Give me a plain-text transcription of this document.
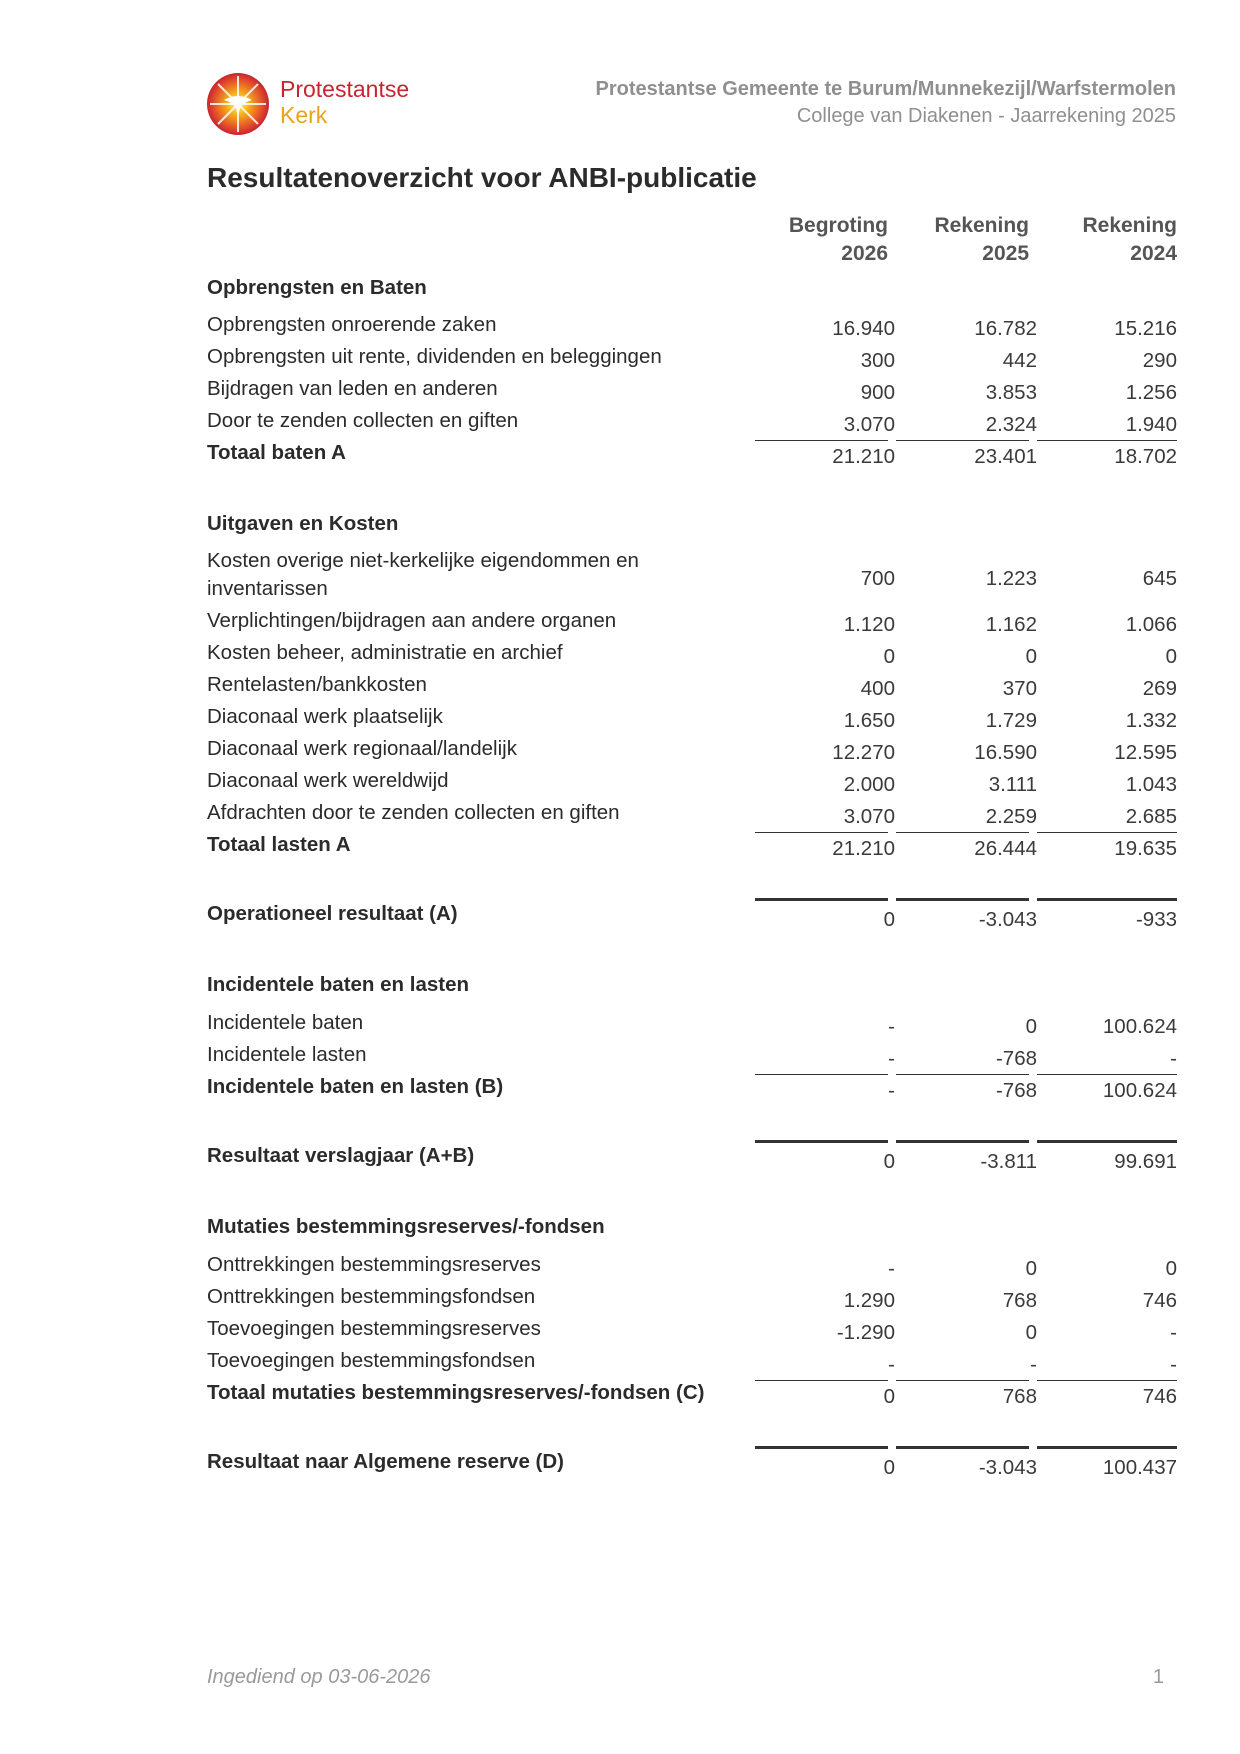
Protestantse
Kerk
Protestantse Gemeente te Burum/Munnekezijl/Warfstermolen
College van Diakenen - Jaarrekening 2025
Resultatenoverzicht voor ANBI-publicatie
Begroting
2026
Rekening
2025
Rekening
2024
Opbrengsten en Baten
Opbrengsten onroerende zaken	16.940	16.782	15.216
Opbrengsten uit rente, dividenden en beleggingen	300	442	290
Bijdragen van leden en anderen	900	3.853	1.256
Door te zenden collecten en giften	3.070	2.324	1.940
Totaal baten A	21.210	23.401	18.702
Uitgaven en Kosten
Kosten overige niet-kerkelijke eigendommen en
inventarissen	700	1.223	645
Verplichtingen/bijdragen aan andere organen	1.120	1.162	1.066
Kosten beheer, administratie en archief	0	0	0
Rentelasten/bankkosten	400	370	269
Diaconaal werk plaatselijk	1.650	1.729	1.332
Diaconaal werk regionaal/landelijk	12.270	16.590	12.595
Diaconaal werk wereldwijd	2.000	3.111	1.043
Afdrachten door te zenden collecten en giften	3.070	2.259	2.685
Totaal lasten A	21.210	26.444	19.635
Operationeel resultaat (A)	0	-3.043	-933
Incidentele baten en lasten
Incidentele baten	-	0	100.624
Incidentele lasten	-	-768	-
Incidentele baten en lasten (B)	-	-768	100.624
Resultaat verslagjaar (A+B)	0	-3.811	99.691
Mutaties bestemmingsreserves/-fondsen
Onttrekkingen bestemmingsreserves	-	0	0
Onttrekkingen bestemmingsfondsen	1.290	768	746
Toevoegingen bestemmingsreserves	-1.290	0	-
Toevoegingen bestemmingsfondsen	-	-	-
Totaal mutaties bestemmingsreserves/-fondsen (C)	0	768	746
Resultaat naar Algemene reserve (D)	0	-3.043	100.437
Ingediend op 03-06-2026	1
